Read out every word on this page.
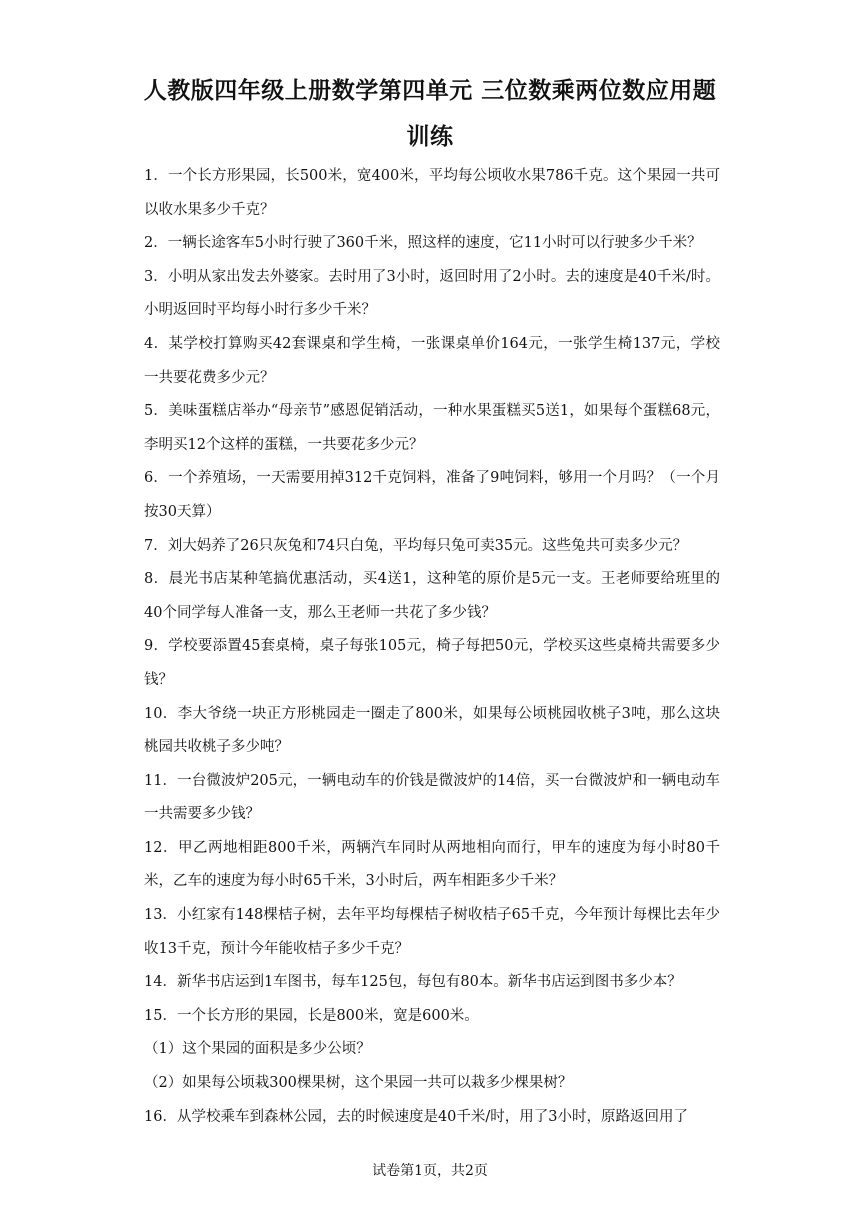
人教版四年级上册数学第四单元 三位数乘两位数应用题训练

1．一个长方形果园，长500米，宽400米，平均每公顷收水果786千克。这个果园一共可以收水果多少千克？

2．一辆长途客车5小时行驶了360千米，照这样的速度，它11小时可以行驶多少千米？

3．小明从家出发去外婆家。去时用了3小时，返回时用了2小时。去的速度是40千米/时。小明返回时平均每小时行多少千米？

4．某学校打算购买42套课桌和学生椅，一张课桌单价164元，一张学生椅137元，学校一共要花费多少元？

5．美味蛋糕店举办“母亲节”感恩促销活动，一种水果蛋糕买5送1，如果每个蛋糕68元，李明买12个这样的蛋糕，一共要花多少元？

6．一个养殖场，一天需要用掉312千克饲料，准备了9吨饲料，够用一个月吗？（一个月按30天算）

7．刘大妈养了26只灰兔和74只白兔，平均每只兔可卖35元。这些兔共可卖多少元？

8．晨光书店某种笔搞优惠活动，买4送1，这种笔的原价是5元一支。王老师要给班里的40个同学每人准备一支，那么王老师一共花了多少钱？

9．学校要添置45套桌椅，桌子每张105元，椅子每把50元，学校买这些桌椅共需要多少钱？

10．李大爷绕一块正方形桃园走一圈走了800米，如果每公顷桃园收桃子3吨，那么这块桃园共收桃子多少吨？

11．一台微波炉205元，一辆电动车的价钱是微波炉的14倍，买一台微波炉和一辆电动车一共需要多少钱？

12．甲乙两地相距800千米，两辆汽车同时从两地相向而行，甲车的速度为每小时80千米，乙车的速度为每小时65千米，3小时后，两车相距多少千米？

13．小红家有148棵桔子树，去年平均每棵桔子树收桔子65千克，今年预计每棵比去年少收13千克，预计今年能收桔子多少千克？

14．新华书店运到1车图书，每车125包，每包有80本。新华书店运到图书多少本？

15．一个长方形的果园，长是800米，宽是600米。

（1）这个果园的面积是多少公顷？

（2）如果每公顷栽300棵果树，这个果园一共可以栽多少棵果树？

16．从学校乘车到森林公园，去的时候速度是40千米/时，用了3小时，原路返回用了

试卷第1页，共2页
